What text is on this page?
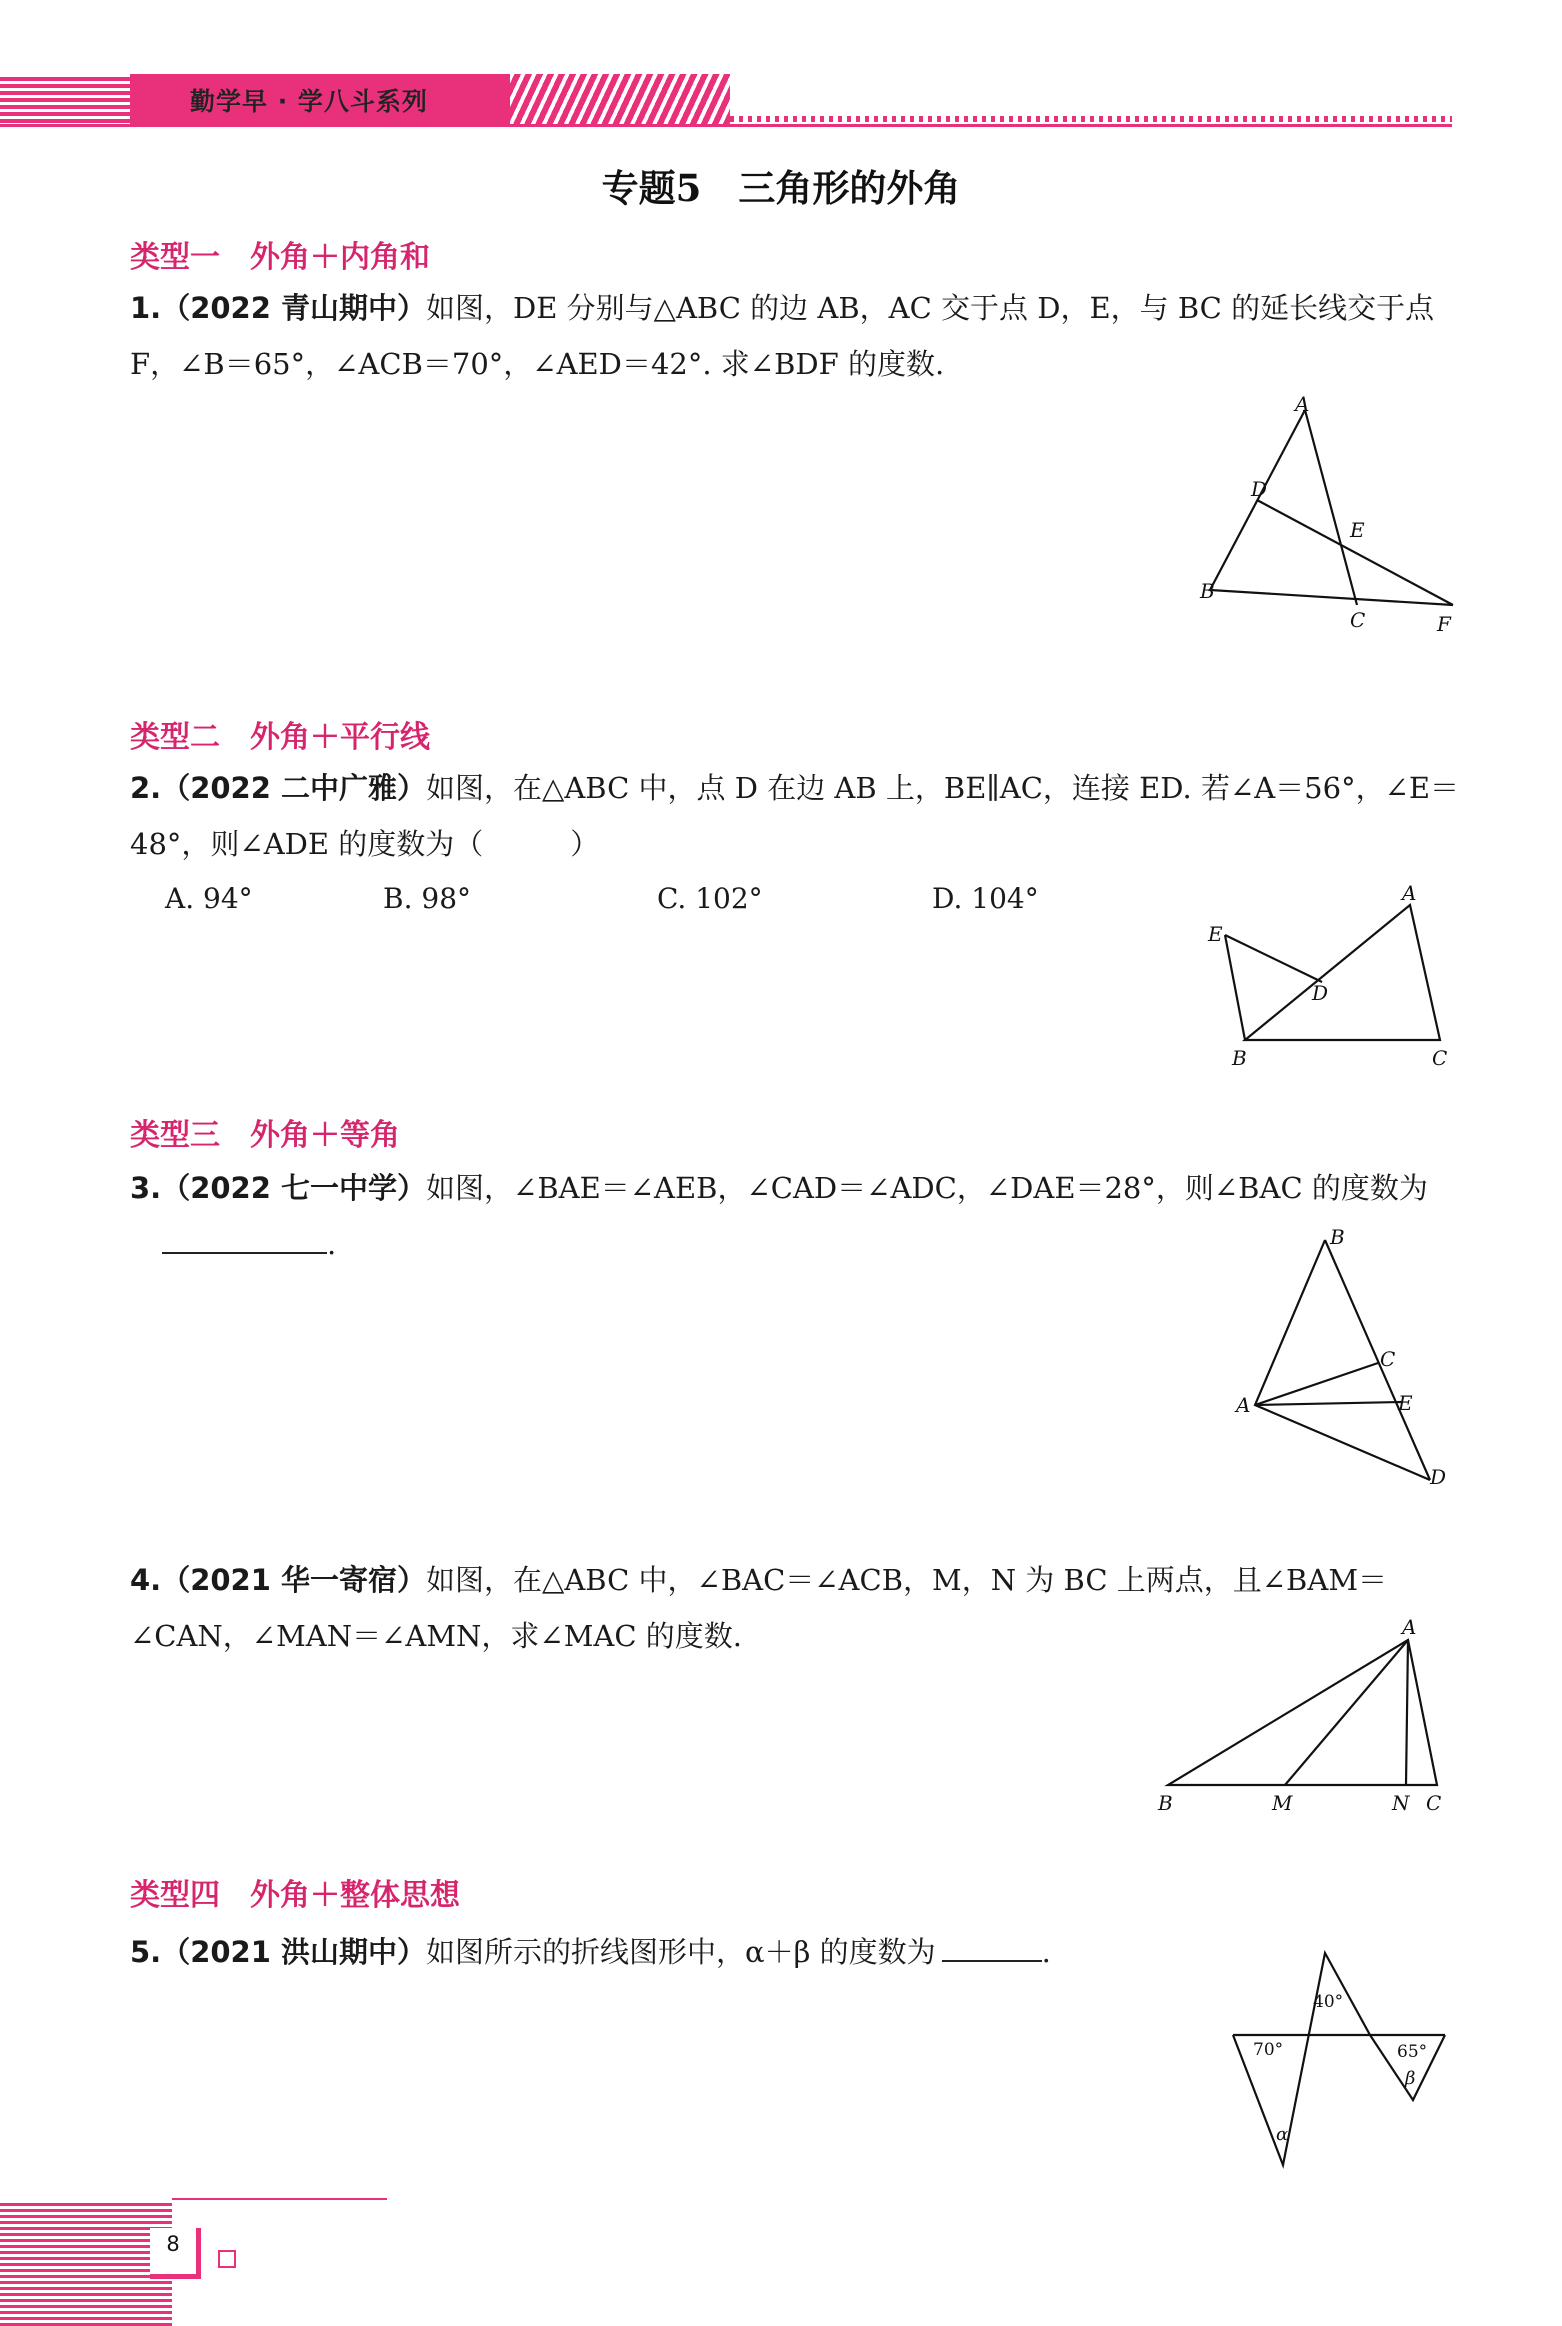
勤学早 · 学八斗系列
专题5　三角形的外角
类型一　外角＋内角和
1.（2022 青山期中）如图，DE 分别与△ABC 的边 AB，AC 交于点 D，E，与 BC 的延长线交于点 F，∠B＝65°，∠ACB＝70°，∠AED＝42°. 求∠BDF 的度数.
A
D
E
B
C	F
类型二　外角＋平行线
2.（2022 二中广雅）如图，在△ABC 中，点 D 在边 AB 上，BE∥AC，连接 ED. 若∠A＝56°，∠E＝48°，则∠ADE 的度数为（　　　）
A. 94°	B. 98°	C. 102°	D. 104°	A
E
D
B	C
类型三　外角＋等角
3.（2022 七一中学）如图，∠BAE＝∠AEB，∠CAD＝∠ADC，∠DAE＝28°，则∠BAC 的度数为
.	B
C
A	E
D
4.（2021 华一寄宿）如图，在△ABC 中，∠BAC＝∠ACB，M，N 为 BC 上两点，且∠BAM＝∠CAN，∠MAN＝∠AMN，求∠MAC 的度数.	A
B	M	N C
类型四　外角＋整体思想
5.（2021 洪山期中）如图所示的折线图形中，α＋β 的度数为	.
40°
70°	65°
β
α
8
